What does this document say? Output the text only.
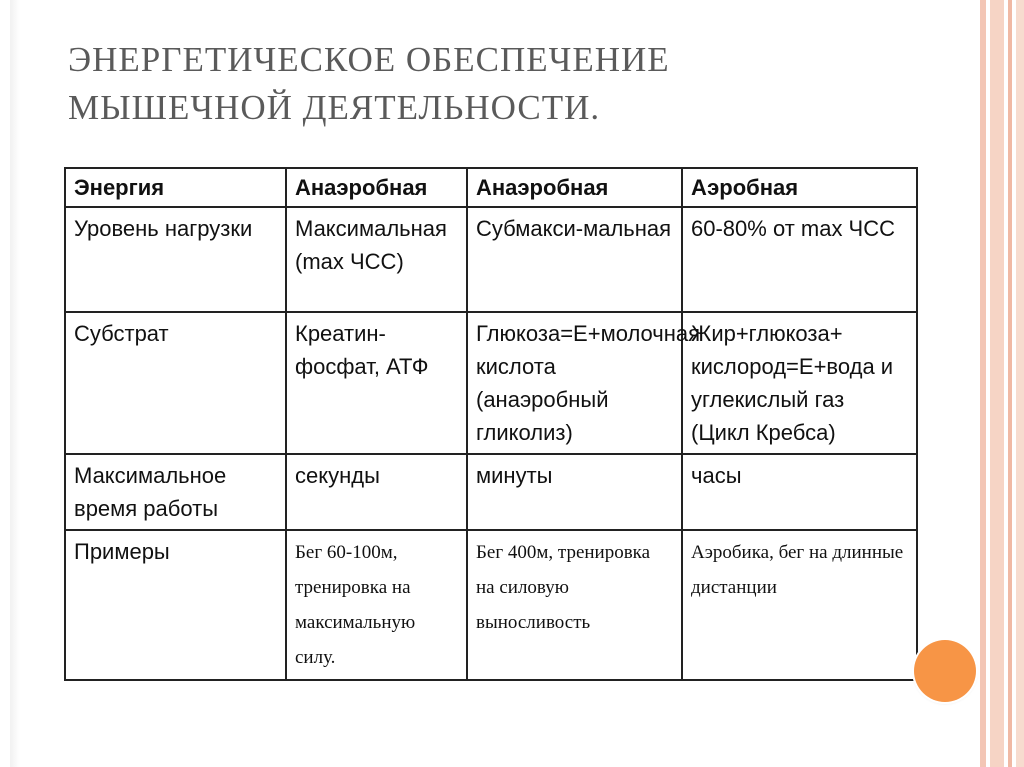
ЭНЕРГЕТИЧЕСКОЕ ОБЕСПЕЧЕНИЕ
МЫШЕЧНОЙ ДЕЯТЕЛЬНОСТИ.
Энергия	Анаэробная	Анаэробная	Аэробная
Уровень нагрузки	Максимальная (max ЧСС)	Субмакси-мальная	60-80% от max ЧСС
Субстрат	Креатин-фосфат, АТФ	Глюкоза=Е+молочная кислота (анаэробный гликолиз)	Жир+глюкоза+ кислород=Е+вода и углекислый газ (Цикл Кребса)
Максимальное время работы	секунды	минуты	часы
Примеры	Бег 60-100м, тренировка на максимальную силу.	Бег 400м, тренировка на силовую выносливость	Аэробика, бег на длинные дистанции
